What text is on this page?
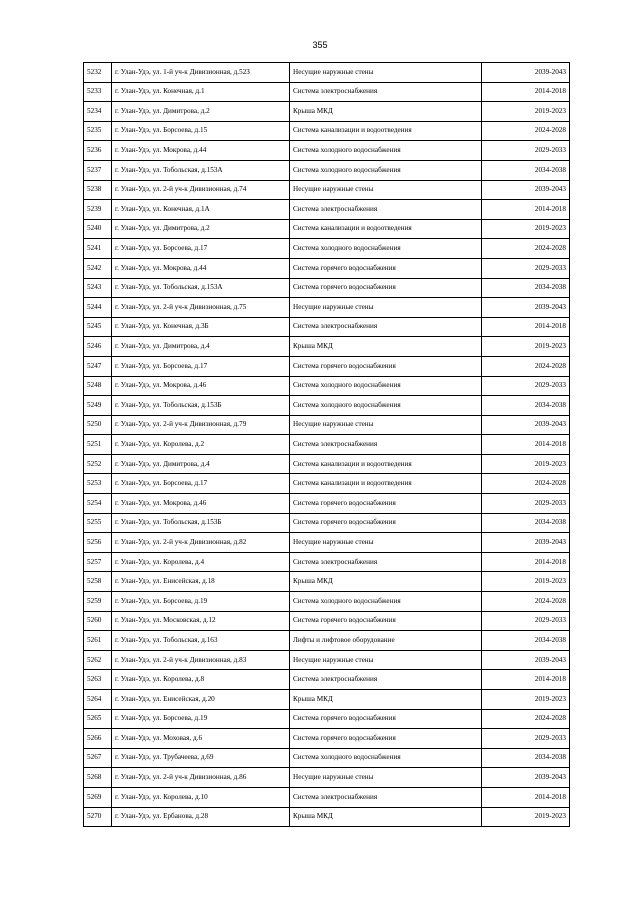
355
5232	г. Улан-Удэ, ул. 1-й уч-к Дивизионная, д.52З	Несущие наружные стены	2039-2043
5233	г. Улан-Удэ, ул. Конечная, д.1	Система электроснабжения	2014-2018
5234	г. Улан-Удэ, ул. Димитрова, д.2	Крыша МКД	2019-2023
5235	г. Улан-Удэ, ул. Борсоева, д.15	Система канализации и водоотведения	2024-2028
5236	г. Улан-Удэ, ул. Мокрова, д.44	Система холодного водоснабжения	2029-2033
5237	г. Улан-Удэ, ул. Тобольская, д.153А	Система холодного водоснабжения	2034-2038
5238	г. Улан-Удэ, ул. 2-й уч-к Дивизионная, д.74	Несущие наружные стены	2039-2043
5239	г. Улан-Удэ, ул. Конечная, д.1А	Система электроснабжения	2014-2018
5240	г. Улан-Удэ, ул. Димитрова, д.2	Система канализации и водоотведения	2019-2023
5241	г. Улан-Удэ, ул. Борсоева, д.17	Система холодного водоснабжения	2024-2028
5242	г. Улан-Удэ, ул. Мокрова, д.44	Система горячего водоснабжения	2029-2033
5243	г. Улан-Удэ, ул. Тобольская, д.153А	Система горячего водоснабжения	2034-2038
5244	г. Улан-Удэ, ул. 2-й уч-к Дивизионная, д.75	Несущие наружные стены	2039-2043
5245	г. Улан-Удэ, ул. Конечная, д.3Б	Система электроснабжения	2014-2018
5246	г. Улан-Удэ, ул. Димитрова, д.4	Крыша МКД	2019-2023
5247	г. Улан-Удэ, ул. Борсоева, д.17	Система горячего водоснабжения	2024-2028
5248	г. Улан-Удэ, ул. Мокрова, д.46	Система холодного водоснабжения	2029-2033
5249	г. Улан-Удэ, ул. Тобольская, д.153Б	Система холодного водоснабжения	2034-2038
5250	г. Улан-Удэ, ул. 2-й уч-к Дивизионная, д.79	Несущие наружные стены	2039-2043
5251	г. Улан-Удэ, ул. Королева, д.2	Система электроснабжения	2014-2018
5252	г. Улан-Удэ, ул. Димитрова, д.4	Система канализации и водоотведения	2019-2023
5253	г. Улан-Удэ, ул. Борсоева, д.17	Система канализации и водоотведения	2024-2028
5254	г. Улан-Удэ, ул. Мокрова, д.46	Система горячего водоснабжения	2029-2033
5255	г. Улан-Удэ, ул. Тобольская, д.153Б	Система горячего водоснабжения	2034-2038
5256	г. Улан-Удэ, ул. 2-й уч-к Дивизионная, д.82	Несущие наружные стены	2039-2043
5257	г. Улан-Удэ, ул. Королева, д.4	Система электроснабжения	2014-2018
5258	г. Улан-Удэ, ул. Енисейская, д.18	Крыша МКД	2019-2023
5259	г. Улан-Удэ, ул. Борсоева, д.19	Система холодного водоснабжения	2024-2028
5260	г. Улан-Удэ, ул. Московская, д.12	Система горячего водоснабжения	2029-2033
5261	г. Улан-Удэ, ул. Тобольская, д.163	Лифты и лифтовое оборудование	2034-2038
5262	г. Улан-Удэ, ул. 2-й уч-к Дивизионная, д.83	Несущие наружные стены	2039-2043
5263	г. Улан-Удэ, ул. Королева, д.8	Система электроснабжения	2014-2018
5264	г. Улан-Удэ, ул. Енисейская, д.20	Крыша МКД	2019-2023
5265	г. Улан-Удэ, ул. Борсоева, д.19	Система горячего водоснабжения	2024-2028
5266	г. Улан-Удэ, ул. Моховая, д.6	Система горячего водоснабжения	2029-2033
5267	г. Улан-Удэ, ул. Трубачеева, д.69	Система холодного водоснабжения	2034-2038
5268	г. Улан-Удэ, ул. 2-й уч-к Дивизионная, д.86	Несущие наружные стены	2039-2043
5269	г. Улан-Удэ, ул. Королева, д.10	Система электроснабжения	2014-2018
5270	г. Улан-Удэ, ул. Ербанова, д.28	Крыша МКД	2019-2023
